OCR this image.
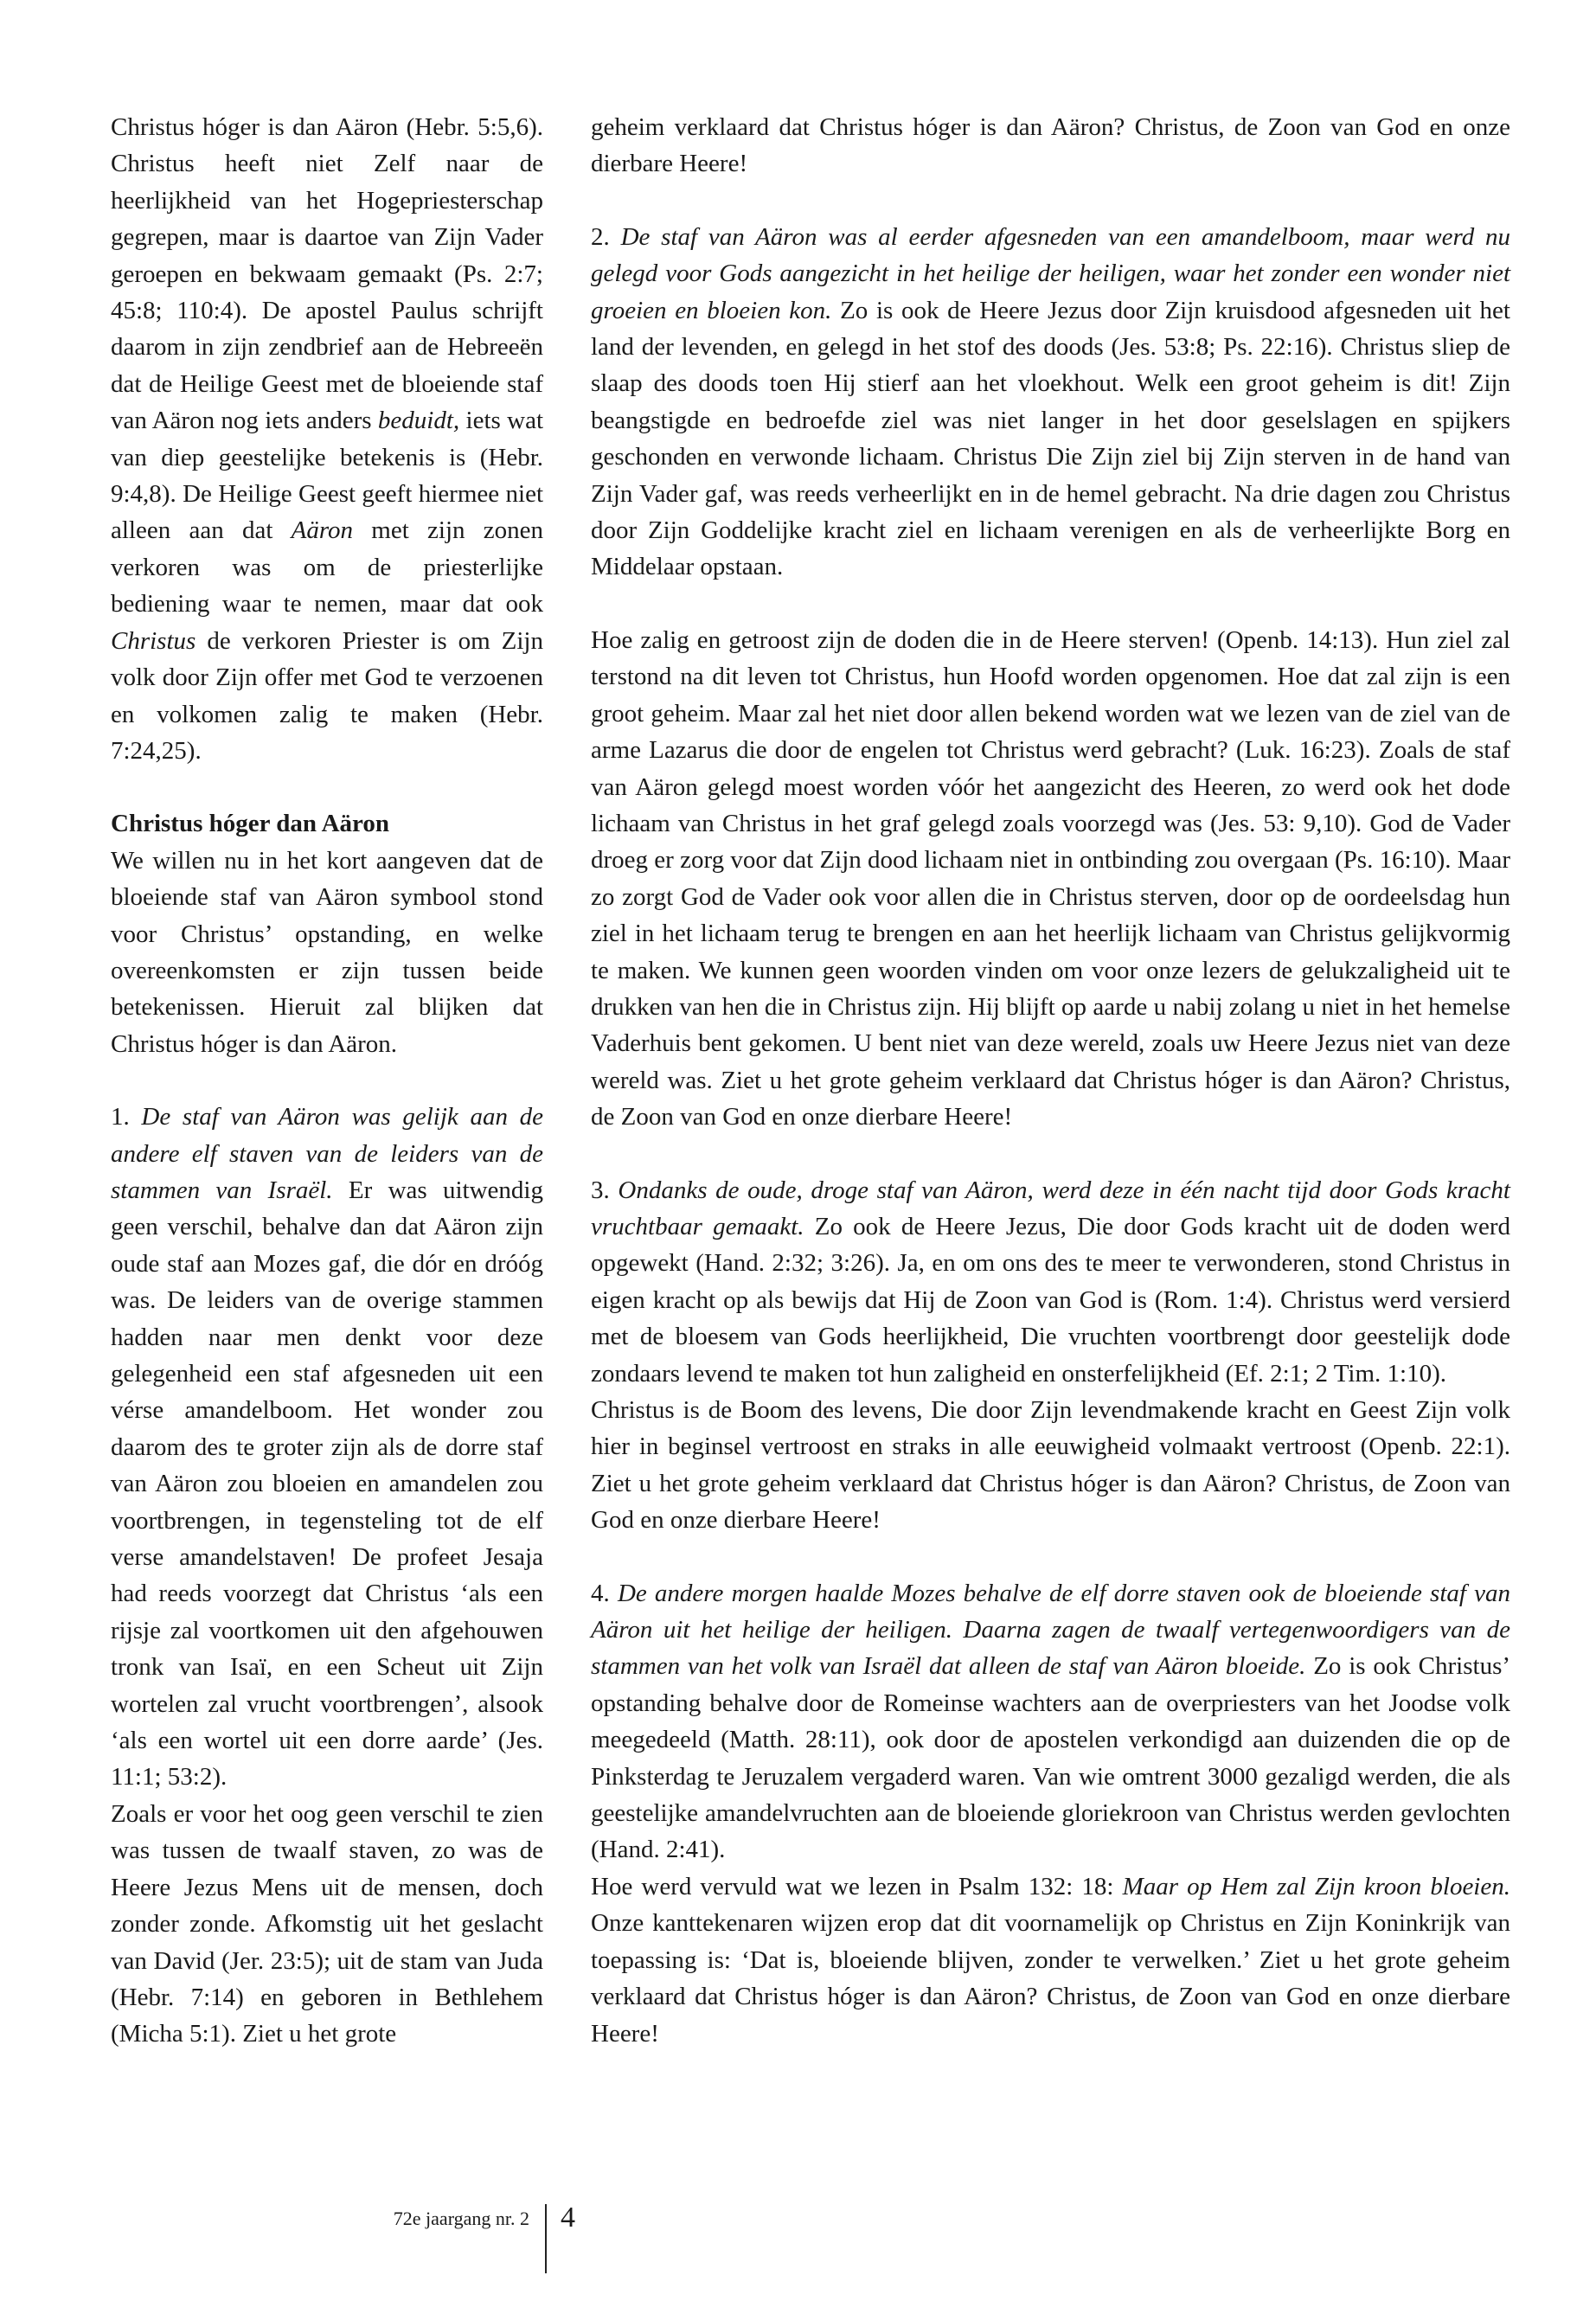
Christus hóger is dan Aäron (Hebr. 5:5,6). Christus heeft niet Zelf naar de heerlijkheid van het Hogepriesterschap gegrepen, maar is daartoe van Zijn Vader geroepen en bekwaam gemaakt (Ps. 2:7; 45:8; 110:4). De apostel Paulus schrijft daarom in zijn zendbrief aan de Hebreeën dat de Heilige Geest met de bloeiende staf van Aäron nog iets anders beduidt, iets wat van diep geestelijke betekenis is (Hebr. 9:4,8). De Heilige Geest geeft hiermee niet alleen aan dat Aäron met zijn zonen verkoren was om de priesterlijke bediening waar te nemen, maar dat ook Christus de verkoren Priester is om Zijn volk door Zijn offer met God te verzoenen en volkomen zalig te maken (Hebr. 7:24,25).

Christus hóger dan Aäron

We willen nu in het kort aangeven dat de bloeiende staf van Aäron symbool stond voor Christus’ opstanding, en welke overeenkomsten er zijn tussen beide betekenissen. Hieruit zal blijken dat Christus hóger is dan Aäron.

1. De staf van Aäron was gelijk aan de andere elf staven van de leiders van de stammen van Israël. Er was uitwendig geen verschil, behalve dan dat Aäron zijn oude staf aan Mozes gaf, die dór en dróóg was. De leiders van de overige stammen hadden naar men denkt voor deze gelegenheid een staf afgesneden uit een vérse amandelboom. Het wonder zou daarom des te groter zijn als de dorre staf van Aäron zou bloeien en amandelen zou voortbrengen, in tegensteling tot de elf verse amandelstaven! De profeet Jesaja had reeds voorzegt dat Christus ‘als een rijsje zal voortkomen uit den afgehouwen tronk van Isaï, en een Scheut uit Zijn wortelen zal vrucht voortbrengen’, alsook ‘als een wortel uit een dorre aarde’ (Jes. 11:1; 53:2).

Zoals er voor het oog geen verschil te zien was tussen de twaalf staven, zo was de Heere Jezus Mens uit de mensen, doch zonder zonde. Afkomstig uit het geslacht van David (Jer. 23:5); uit de stam van Juda (Hebr. 7:14) en geboren in Bethlehem (Micha 5:1). Ziet u het grote

geheim verklaard dat Christus hóger is dan Aäron? Christus, de Zoon van God en onze dierbare Heere!

2. De staf van Aäron was al eerder afgesneden van een amandelboom, maar werd nu gelegd voor Gods aangezicht in het heilige der heiligen, waar het zonder een wonder niet groeien en bloeien kon. Zo is ook de Heere Jezus door Zijn kruisdood afgesneden uit het land der levenden, en gelegd in het stof des doods (Jes. 53:8; Ps. 22:16). Christus sliep de slaap des doods toen Hij stierf aan het vloekhout. Welk een groot geheim is dit! Zijn beangstigde en bedroefde ziel was niet langer in het door geselslagen en spijkers geschonden en verwonde lichaam. Christus Die Zijn ziel bij Zijn sterven in de hand van Zijn Vader gaf, was reeds verheerlijkt en in de hemel gebracht. Na drie dagen zou Christus door Zijn Goddelijke kracht ziel en lichaam verenigen en als de verheerlijkte Borg en Middelaar opstaan.

Hoe zalig en getroost zijn de doden die in de Heere sterven! (Openb. 14:13). Hun ziel zal terstond na dit leven tot Christus, hun Hoofd worden opgenomen. Hoe dat zal zijn is een groot geheim. Maar zal het niet door allen bekend worden wat we lezen van de ziel van de arme Lazarus die door de engelen tot Christus werd gebracht? (Luk. 16:23). Zoals de staf van Aäron gelegd moest worden vóór het aangezicht des Heeren, zo werd ook het dode lichaam van Christus in het graf gelegd zoals voorzegd was (Jes. 53: 9,10). God de Vader droeg er zorg voor dat Zijn dood lichaam niet in ontbinding zou overgaan (Ps. 16:10). Maar zo zorgt God de Vader ook voor allen die in Christus sterven, door op de oordeelsdag hun ziel in het lichaam terug te brengen en aan het heerlijk lichaam van Christus gelijkvormig te maken. We kunnen geen woorden vinden om voor onze lezers de gelukzaligheid uit te drukken van hen die in Christus zijn. Hij blijft op aarde u nabij zolang u niet in het hemelse Vaderhuis bent gekomen. U bent niet van deze wereld, zoals uw Heere Jezus niet van deze wereld was. Ziet u het grote geheim verklaard dat Christus hóger is dan Aäron? Christus, de Zoon van God en onze dierbare Heere!

3. Ondanks de oude, droge staf van Aäron, werd deze in één nacht tijd door Gods kracht vruchtbaar gemaakt. Zo ook de Heere Jezus, Die door Gods kracht uit de doden werd opgewekt (Hand. 2:32; 3:26). Ja, en om ons des te meer te verwonderen, stond Christus in eigen kracht op als bewijs dat Hij de Zoon van God is (Rom. 1:4). Christus werd versierd met de bloesem van Gods heerlijkheid, Die vruchten voortbrengt door geestelijk dode zondaars levend te maken tot hun zaligheid en onsterfelijkheid (Ef. 2:1; 2 Tim. 1:10).

Christus is de Boom des levens, Die door Zijn levendmakende kracht en Geest Zijn volk hier in beginsel vertroost en straks in alle eeuwigheid volmaakt vertroost (Openb. 22:1). Ziet u het grote geheim verklaard dat Christus hóger is dan Aäron? Christus, de Zoon van God en onze dierbare Heere!

4. De andere morgen haalde Mozes behalve de elf dorre staven ook de bloeiende staf van Aäron uit het heilige der heiligen. Daarna zagen de twaalf vertegenwoordigers van de stammen van het volk van Israël dat alleen de staf van Aäron bloeide. Zo is ook Christus’ opstanding behalve door de Romeinse wachters aan de overpriesters van het Joodse volk meegedeeld (Matth. 28:11), ook door de apostelen verkondigd aan duizenden die op de Pinksterdag te Jeruzalem vergaderd waren. Van wie omtrent 3000 gezaligd werden, die als geestelijke amandelvruchten aan de bloeiende gloriekroon van Christus werden gevlochten (Hand. 2:41).

Hoe werd vervuld wat we lezen in Psalm 132: 18: Maar op Hem zal Zijn kroon bloeien. Onze kanttekenaren wijzen erop dat dit voornamelijk op Christus en Zijn Koninkrijk van toepassing is: ‘Dat is, bloeiende blijven, zonder te verwelken.’ Ziet u het grote geheim verklaard dat Christus hóger is dan Aäron? Christus, de Zoon van God en onze dierbare Heere!

72e jaargang nr. 2 4
